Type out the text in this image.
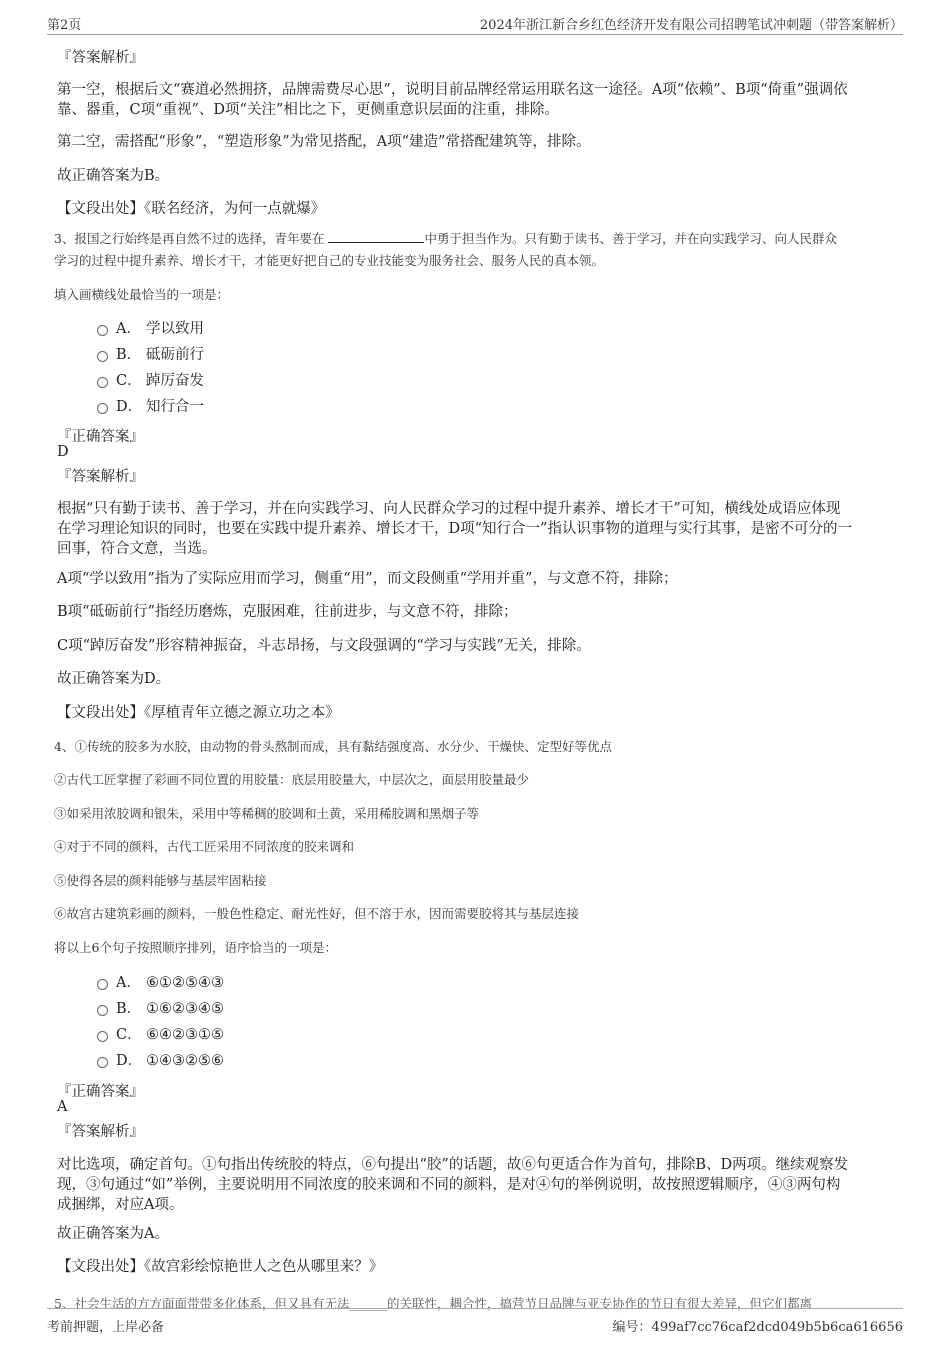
第2页	2024年浙江新合乡红色经济开发有限公司招聘笔试冲刺题（带答案解析）
『答案解析』
第一空，根据后文“赛道必然拥挤，品牌需费尽心思”，说明目前品牌经常运用联名这一途径。A项“依赖”、B项“倚重”强调依
靠、器重，C项“重视”、D项“关注”相比之下，更侧重意识层面的注重，排除。
第二空，需搭配“形象”，“塑造形象”为常见搭配，A项“建造”常搭配建筑等，排除。
故正确答案为B。
【文段出处】《联名经济，为何一点就爆》
3、报国之行始终是再自然不过的选择，青年要在	中勇于担当作为。只有勤于读书、善于学习，并在向实践学习、向人民群众
学习的过程中提升素养、增长才干，才能更好把自己的专业技能变为服务社会、服务人民的真本领。
填入画横线处最恰当的一项是：
A． 学以致用
B． 砥砺前行
C． 踔厉奋发
D． 知行合一
『正确答案』
D
『答案解析』
根据“只有勤于读书、善于学习，并在向实践学习、向人民群众学习的过程中提升素养、增长才干”可知，横线处成语应体现
在学习理论知识的同时，也要在实践中提升素养、增长才干，D项“知行合一”指认识事物的道理与实行其事，是密不可分的一
回事，符合文意，当选。
A项“学以致用”指为了实际应用而学习，侧重“用”，而文段侧重“学用并重”，与文意不符，排除；
B项“砥砺前行”指经历磨炼，克服困难，往前进步，与文意不符，排除；
C项“踔厉奋发”形容精神振奋，斗志昂扬，与文段强调的“学习与实践”无关，排除。
故正确答案为D。
【文段出处】《厚植青年立德之源立功之本》
4、①传统的胶多为水胶，由动物的骨头熬制而成，具有黏结强度高、水分少、干燥快、定型好等优点
②古代工匠掌握了彩画不同位置的用胶量：底层用胶量大，中层次之，面层用胶量最少
③如采用浓胶调和银朱，采用中等稀稠的胶调和土黄，采用稀胶调和黑烟子等
④对于不同的颜料，古代工匠采用不同浓度的胶来调和
⑤使得各层的颜料能够与基层牢固粘接
⑥故宫古建筑彩画的颜料，一般色性稳定、耐光性好，但不溶于水，因而需要胶将其与基层连接
将以上6个句子按照顺序排列，语序恰当的一项是：
A． ⑥①②⑤④③
B． ①⑥②③④⑤
C． ⑥④②③①⑤
D． ①④③②⑤⑥
『正确答案』
A
『答案解析』
对比选项，确定首句。①句指出传统胶的特点，⑥句提出“胶”的话题，故⑥句更适合作为首句，排除B、D两项。继续观察发
现，③句通过“如”举例，主要说明用不同浓度的胶来调和不同的颜料，是对④句的举例说明，故按照逻辑顺序，④③两句构
成捆绑，对应A项。
故正确答案为A。
【文段出处】《故宫彩绘惊艳世人之色从哪里来？》
5、社会生活的方方面面带带多化体系，但又具有无法______的关联性，耦合性，搞营节日品牌与亚专协作的节日有很大差异，但它们都离
考前押题，上岸必备	编号：499af7cc76caf2dcd049b5b6ca616656
